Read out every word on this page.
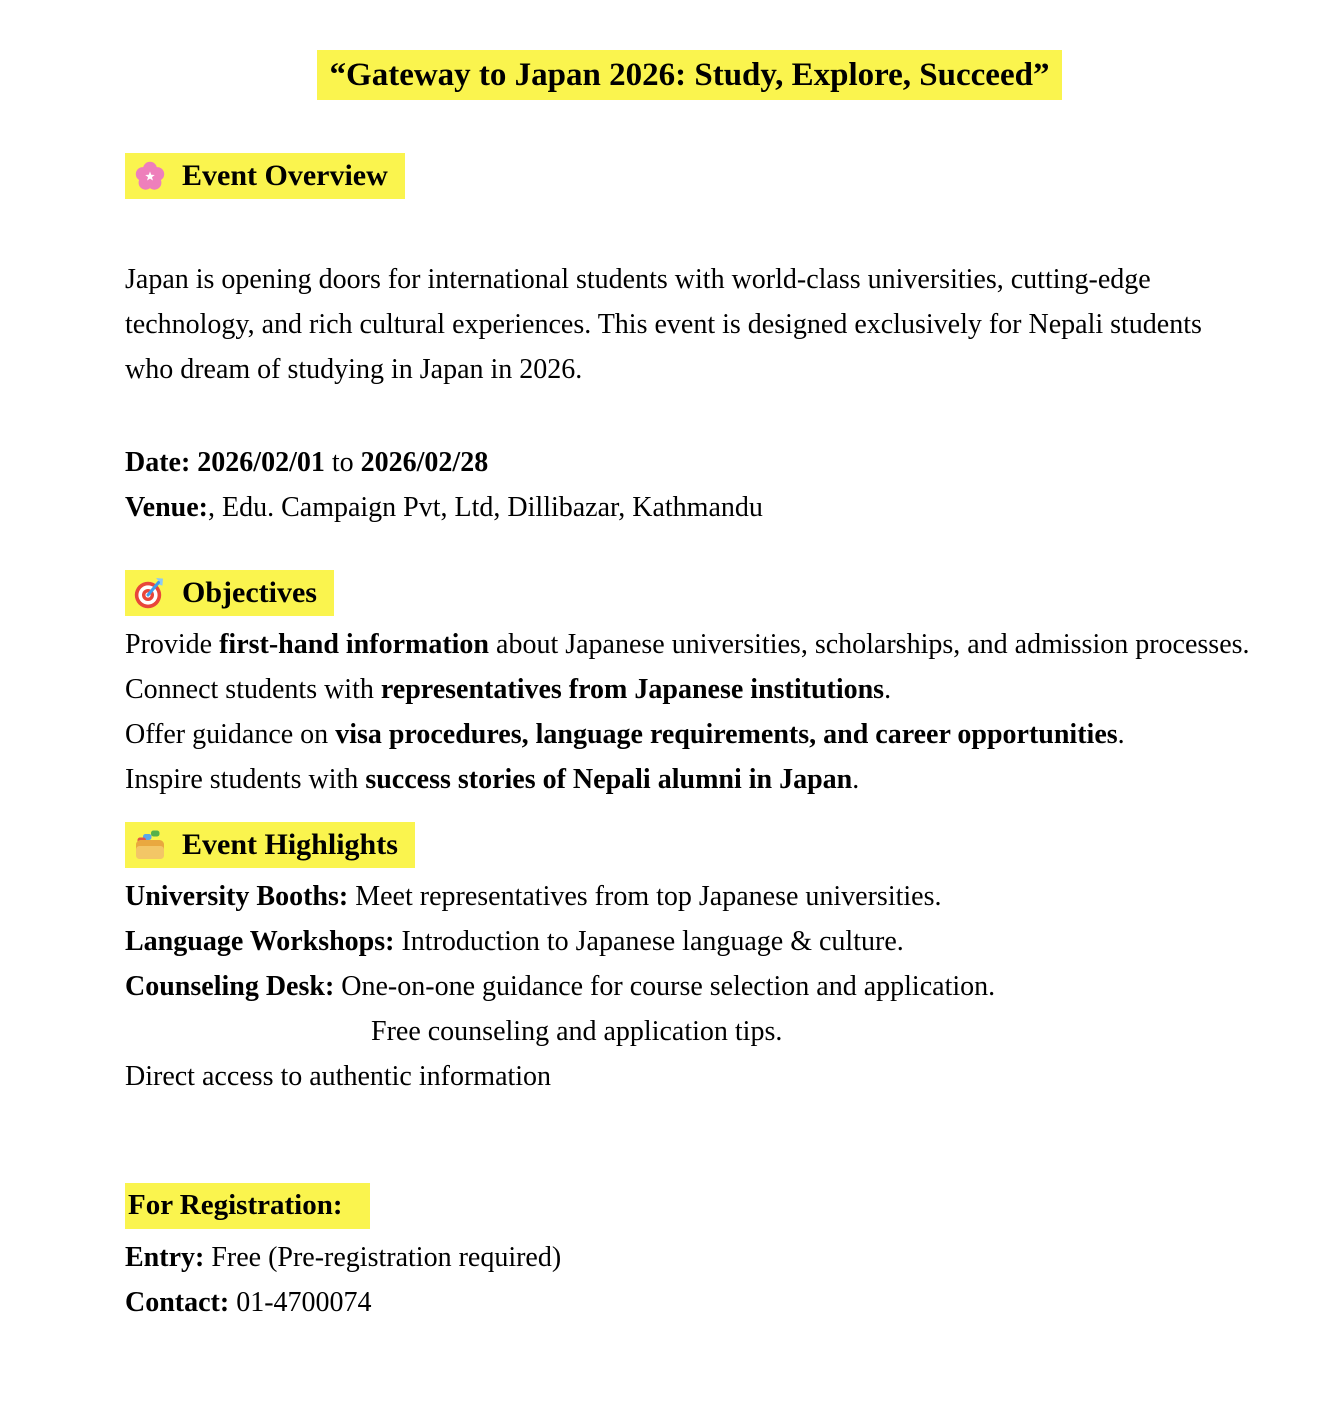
“Gateway to Japan 2026: Study, Explore, Succeed”
Event Overview

Japan is opening doors for international students with world-class universities, cutting-edge technology, and rich cultural experiences. This event is designed exclusively for Nepali students who dream of studying in Japan in 2026.

Date: 2026/02/01 to 2026/02/28
Venue:, Edu. Campaign Pvt, Ltd, Dillibazar, Kathmandu
Objectives
Provide first-hand information about Japanese universities, scholarships, and admission processes.
Connect students with representatives from Japanese institutions.
Offer guidance on visa procedures, language requirements, and career opportunities.
Inspire students with success stories of Nepali alumni in Japan.
Event Highlights
University Booths: Meet representatives from top Japanese universities.
Language Workshops: Introduction to Japanese language & culture.
Counseling Desk: One-on-one guidance for course selection and application.
Free counseling and application tips.
Direct access to authentic information
For Registration:
Entry: Free (Pre-registration required)
Contact: 01-4700074
